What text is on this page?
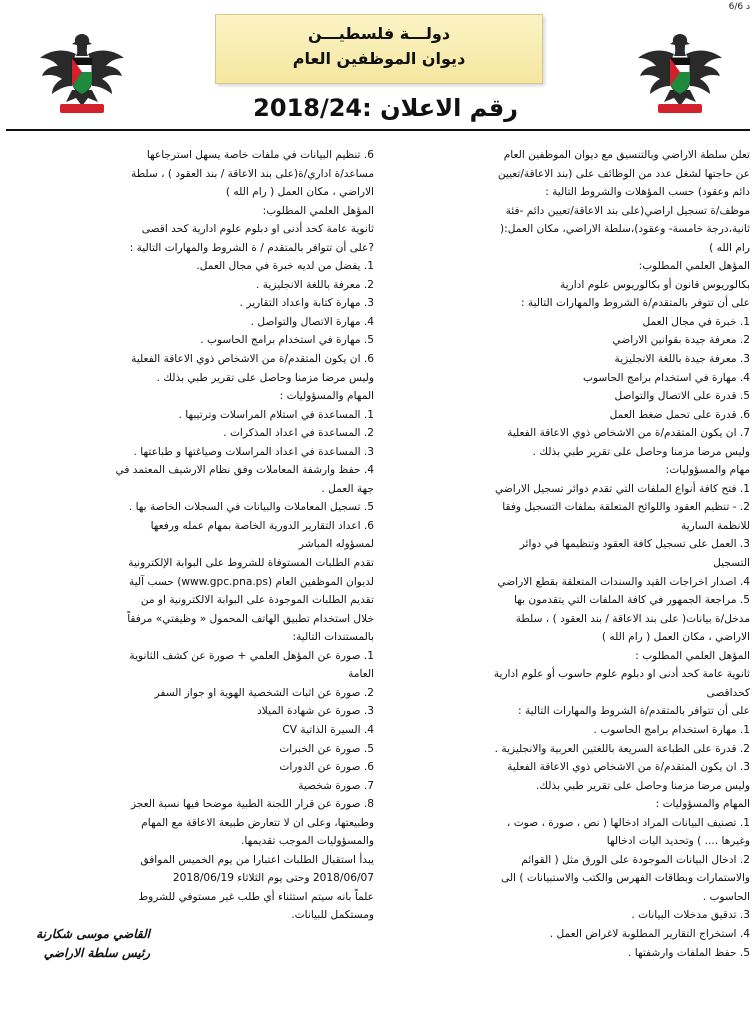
6/6 د
دولـــة فلسطيـــن
ديوان الموظفين العام
رقم الاعلان :2018/24
تعلن سلطة الاراضي وبالتنسيق مع ديوان الموظفين العام
عن حاجتها لشغل عدد من الوظائف على (بند الاعاقة/تعيين
دائم وعقود) حسب المؤهلات والشروط التالية :
موظف/ة تسجيل اراضي(على بند الاعاقة/تعيين دائم -فئة
ثانية،درجة خامسة- وعقود)،سلطة الاراضي، مكان العمل:(
رام الله )
المؤهل العلمي المطلوب:
بكالوريوس قانون أو بكالوريوس علوم ادارية
على أن تتوفر بالمتقدم/ة الشروط والمهارات التالية :
1. خبرة في مجال العمل
2. معرفة جيدة بقوانين الاراضي
3. معرفة جيدة باللغة الانجليزية
4. مهارة في استخدام برامج الحاسوب
5. قدرة على الاتصال والتواصل
6. قدرة على تحمل ضغط العمل
7. ان يكون المتقدم/ة من الاشخاص ذوي الاعاقة الفعلية
وليس مرضا مزمنا وحاصل على تقرير طبي بذلك .
مهام والمسؤوليات:
1. فتح كافة أنواع الملفات التي تقدم دوائر تسجيل الاراضي
2. - تنظيم العقود واللوائح المتعلقة بملفات التسجيل وفقا
للانظمة السارية
3. العمل على تسجيل كافة العقود وتنظيمها في دوائر
التسجيل
4. اصدار اخراجات القيد والسندات المتعلقة بقطع الاراضي
5. مراجعة الجمهور في كافة الملفات التي يتقدمون بها
مدخل/ة بيانات( على بند الاعاقة / بند العقود ) ، سلطة
الاراضي ، مكان العمل ( رام الله )
المؤهل العلمي المطلوب :
ثانوية عامة كحد أدنى او دبلوم علوم حاسوب أو علوم ادارية
كحداقصى
على أن تتوافر بالمتقدم/ة الشروط والمهارات التالية :
1. مهارة استخدام برامج الحاسوب .
2. قدرة على الطباعة السريعة باللغتين العربية والانجليزية .
3. ان يكون المتقدم/ة من الاشخاص ذوي الاعاقة الفعلية
وليس مرضا مزمنا وحاصل على تقرير طبي بذلك.
المهام والمسؤوليات :
1. تصنيف البيانات المراد ادخالها ( نص ، صورة ، صوت ،
وغيرها .... ) وتحديد اليات ادخالها
2. ادخال البيانات الموجودة على الورق مثل ( القوائم
والاستمارات وبطاقات الفهرس والكتب والاستبيانات ) الى
الحاسوب .
3. تدقيق مدخلات البيانات .
4. استخراج التقارير المطلوبة لاغراض العمل .
5. حفظ الملفات وارشفتها .
6. تنظيم البيانات في ملفات خاصة يسهل استرجاعها
مساعد/ة اداري/ة(على بند الاعاقة / بند العقود ) ، سلطة
الاراضي ، مكان العمل ( رام الله )
المؤهل العلمي المطلوب:
ثانوية عامة كحد أدنى او دبلوم علوم ادارية كحد اقصى
?على أن تتوافر بالمتقدم / ة الشروط والمهارات التالية :
1. يفضل من لديه خبرة في مجال العمل.
2. معرفة باللغة الانجليزية .
3. مهارة كتابة واعداد التقارير .
4. مهارة الاتصال والتواصل .
5. مهارة في استخدام برامج الحاسوب .
6. ان يكون المتقدم/ة من الاشخاص ذوي الاعاقة الفعلية
وليس مرضا مزمنا وحاصل على تقرير طبي بذلك .
المهام والمسؤوليات :
1. المساعدة في استلام المراسلات وترتيبها .
2. المساعدة في اعداد المذكرات .
3. المساعدة في اعداد المراسلات وصياغتها و طباعتها .
4. حفظ وارشفة المعاملات وفق نظام الارشيف المعتمد في
جهة العمل .
5. تسجيل المعاملات والبيانات في السجلات الخاصة بها .
6. اعداد التقارير الدورية الخاصة بمهام عمله ورفعها
لمسؤوله المباشر
تقدم الطلبات المستوفاة للشروط على البوابة الإلكترونية
لديوان الموظفين العام (www.gpc.pna.ps) حسب آلية
تقديم الطلبات الموجودة على البوابة الالكترونية او من
خلال استخدام تطبيق الهاتف المحمول « وظيفتي» مرفقاً
بالمستندات التالية:
1. صورة عن المؤهل العلمي + صورة عن كشف الثانوية
العامة
2. صورة عن اثبات الشخصية الهوية او جواز السفر
3. صورة عن شهادة الميلاد
4. السيرة الذاتية CV
5. صورة عن الخبرات
6. صورة عن الدورات
7. صورة شخصية
8. صورة عن قرار اللجنة الطبية موضحا فيها نسبة العجز
وطبيعتها، وعلى ان لا تتعارض طبيعة الاعاقة مع المهام
والمسؤوليات الموجب تقديمها.
يبدأ استقبال الطلبات اعتبارا من يوم الخميس الموافق
2018/06/07 وحتى يوم الثلاثاء 2018/06/19
علماً بانه سيتم استثناء أي طلب غير مستوفي للشروط
ومستكمل للبيانات.
القاضي موسى شكارنة
رئيس سلطة الاراضي
